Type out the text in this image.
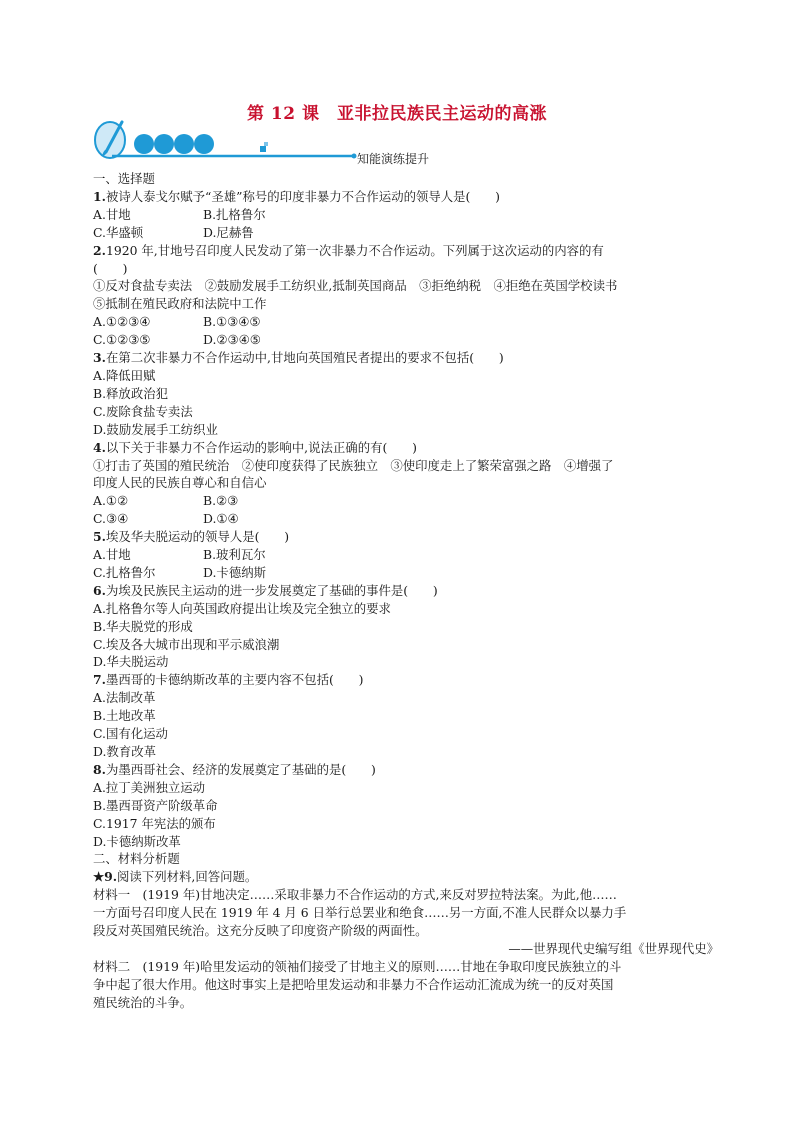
第 12 课　亚非拉民族民主运动的高涨
知能演练提升
一、选择题
1.被诗人泰戈尔赋予“圣雄”称号的印度非暴力不合作运动的领导人是(　　)
A.甘地	B.扎格鲁尔
C.华盛顿	D.尼赫鲁
2.1920 年,甘地号召印度人民发动了第一次非暴力不合作运动。下列属于这次运动的内容的有
(　　)
①反对食盐专卖法　②鼓励发展手工纺织业,抵制英国商品　③拒绝纳税　④拒绝在英国学校读书
⑤抵制在殖民政府和法院中工作
A.①②③④	B.①③④⑤
C.①②③⑤	D.②③④⑤
3.在第二次非暴力不合作运动中,甘地向英国殖民者提出的要求不包括(　　)
A.降低田赋
B.释放政治犯
C.废除食盐专卖法
D.鼓励发展手工纺织业
4.以下关于非暴力不合作运动的影响中,说法正确的有(　　)
①打击了英国的殖民统治　②使印度获得了民族独立　③使印度走上了繁荣富强之路　④增强了
印度人民的民族自尊心和自信心
A.①②	B.②③
C.③④	D.①④
5.埃及华夫脱运动的领导人是(　　)
A.甘地	B.玻利瓦尔
C.扎格鲁尔	D.卡德纳斯
6.为埃及民族民主运动的进一步发展奠定了基础的事件是(　　)
A.扎格鲁尔等人向英国政府提出让埃及完全独立的要求
B.华夫脱党的形成
C.埃及各大城市出现和平示威浪潮
D.华夫脱运动
7.墨西哥的卡德纳斯改革的主要内容不包括(　　)
A.法制改革
B.土地改革
C.国有化运动
D.教育改革
8.为墨西哥社会、经济的发展奠定了基础的是(　　)
A.拉丁美洲独立运动
B.墨西哥资产阶级革命
C.1917 年宪法的颁布
D.卡德纳斯改革
二、材料分析题
★9.阅读下列材料,回答问题。
材料一　(1919 年)甘地决定……采取非暴力不合作运动的方式,来反对罗拉特法案。为此,他……
一方面号召印度人民在 1919 年 4 月 6 日举行总罢业和绝食……另一方面,不准人民群众以暴力手
段反对英国殖民统治。这充分反映了印度资产阶级的两面性。
——世界现代史编写组《世界现代史》
材料二　(1919 年)哈里发运动的领袖们接受了甘地主义的原则……甘地在争取印度民族独立的斗
争中起了很大作用。他这时事实上是把哈里发运动和非暴力不合作运动汇流成为统一的反对英国
殖民统治的斗争。
